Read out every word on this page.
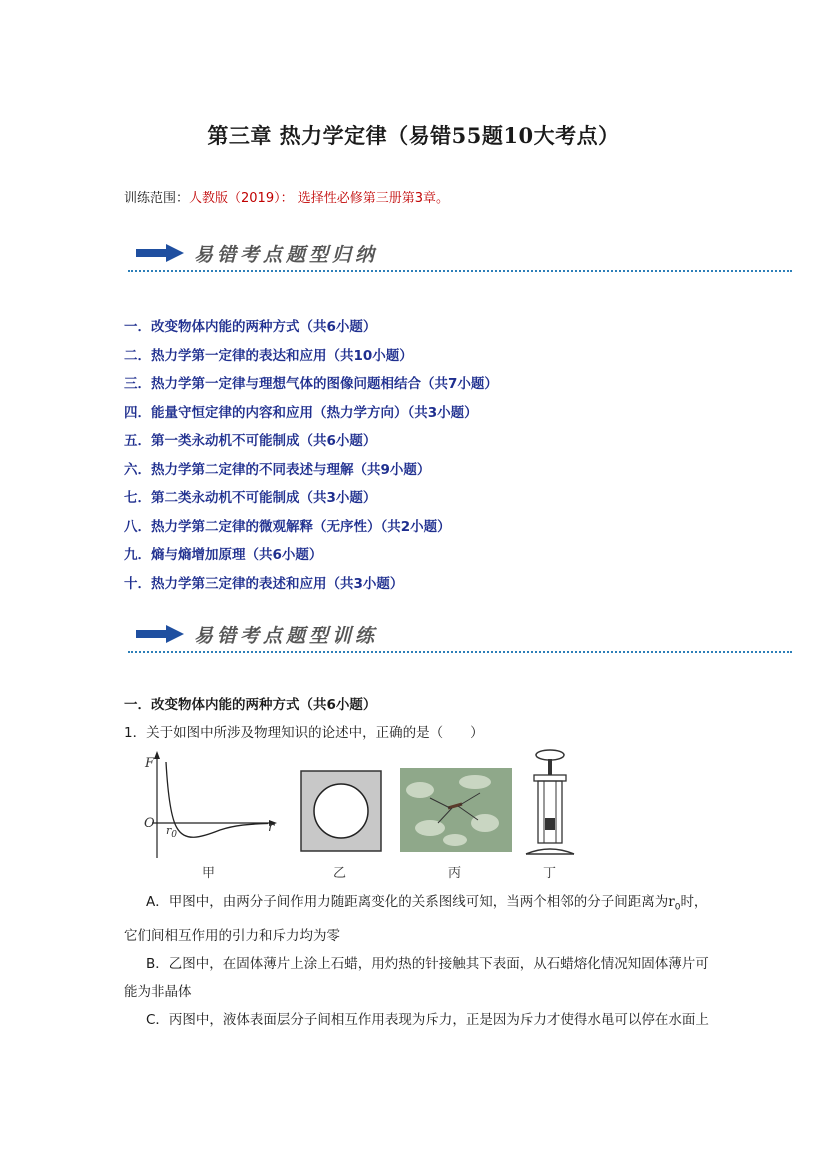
第三章 热力学定律（易错55题10大考点）
训练范围：人教版（2019）： 选择性必修第三册第3章。
易错考点题型归纳
一．改变物体内能的两种方式（共6小题）
二．热力学第一定律的表达和应用（共10小题）
三．热力学第一定律与理想气体的图像问题相结合（共7小题）
四．能量守恒定律的内容和应用（热力学方向）（共3小题）
五．第一类永动机不可能制成（共6小题）
六．热力学第二定律的不同表述与理解（共9小题）
七．第二类永动机不可能制成（共3小题）
八．热力学第二定律的微观解释（无序性）（共2小题）
九．熵与熵增加原理（共6小题）
十．热力学第三定律的表述和应用（共3小题）
易错考点题型训练
一．改变物体内能的两种方式（共6小题）
1．关于如图中所涉及物理知识的论述中，正确的是（　　）
F
O	r
$r_0$
甲	乙	丙	丁

A．甲图中，由两分子间作用力随距离变化的关系图线可知，当两个相邻的分子间距离为$r_0$时，它们间相互作用的引力和斥力均为零

B．乙图中，在固体薄片上涂上石蜡，用灼热的针接触其下表面，从石蜡熔化情况知固体薄片可能为非晶体

C．丙图中，液体表面层分子间相互作用表现为斥力，正是因为斥力才使得水黾可以停在水面上
